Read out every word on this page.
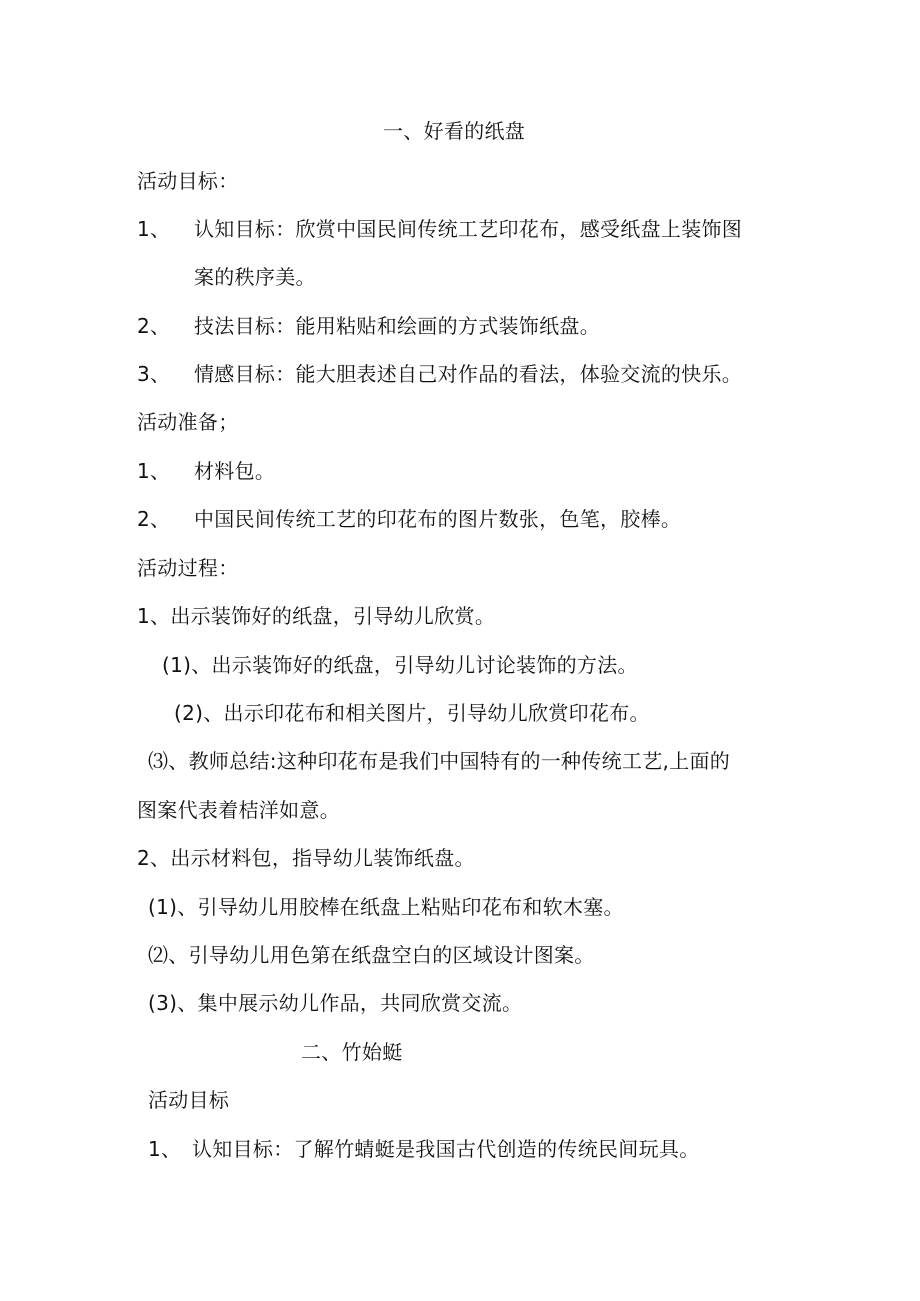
一、好看的纸盘
活动目标：
1、 认知目标：欣赏中国民间传统工艺印花布，感受纸盘上装饰图
案的秩序美。
2、 技法目标：能用粘贴和绘画的方式装饰纸盘。
3、 情感目标：能大胆表述自己对作品的看法，体验交流的快乐。
活动准备；
1、 材料包。
2、 中国民间传统工艺的印花布的图片数张，色笔，胶棒。
活动过程：
1、出示装饰好的纸盘，引导幼儿欣赏。
(1)、出示装饰好的纸盘，引导幼儿讨论装饰的方法。
(2)、出示印花布和相关图片，引导幼儿欣赏印花布。
⑶、教师总结:这种印花布是我们中国特有的一种传统工艺,上面的
图案代表着桔洋如意。
2、出示材料包，指导幼儿装饰纸盘。
(1)、引导幼儿用胶棒在纸盘上粘贴印花布和软木塞。
⑵、引导幼儿用色第在纸盘空白的区域设计图案。
(3)、集中展示幼儿作品，共同欣赏交流。
二、竹始蜓
活动目标
1、 认知目标：了解竹蜻蜓是我国古代创造的传统民间玩具。
